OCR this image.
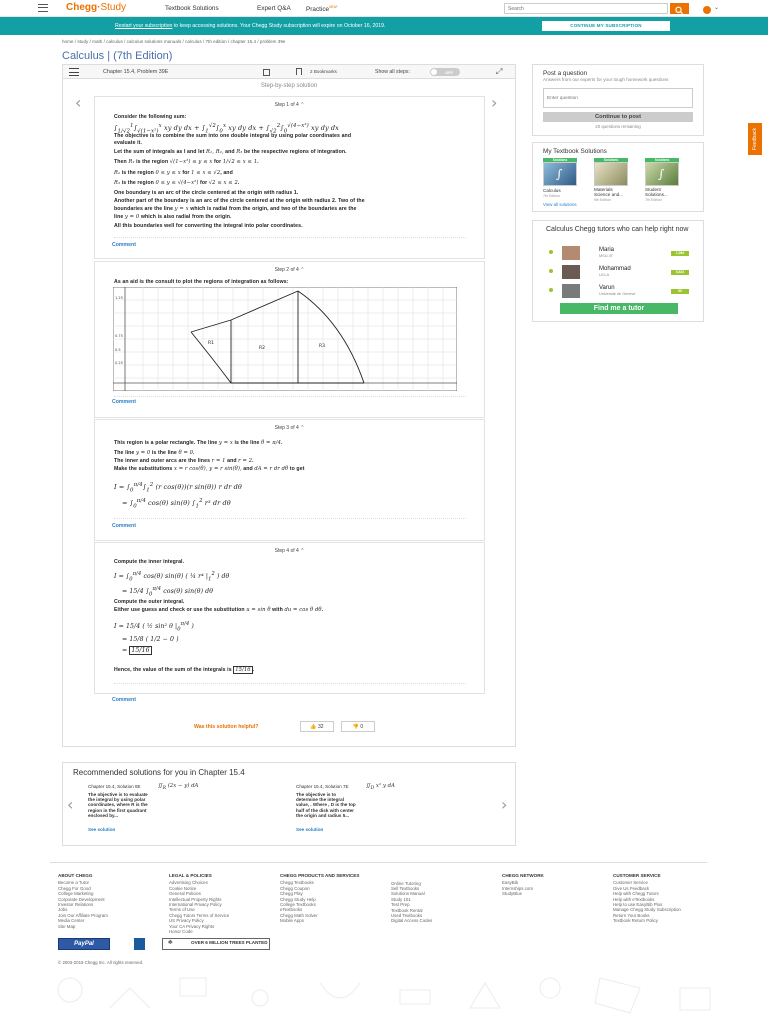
Chegg·Study	Textbook Solutions	Expert Q&A Practice$^{NEW!}$
Search	⌄
Restart your subscription to keep accessing solutions. Your Chegg Study subscription will expire on October 16, 2019.	CONTINUE MY SUBSCRIPTION
home / study / math / calculus / calculus solutions manuals / calculus / 7th edition / chapter 15.4 / problem 39e
Calculus | (7th Edition)
Chapter 15.4, Problem 39E	2 Bookmarks	Show all steps:	OFF	⤢
Step-by-step solution
‹	›
Step 1 of 4 ⌃
Consider the following sum:
$\int_{1/√2}^1\int_{√(1-x^2)}^x$ xy dy dx + $\int_1^{√2}\int_0^x$ xy dy dx + $\int_{√2}^2\int_0^{√(4-x^2)}$ xy dy dx
The objective is to combine the sum into one double integral by using polar coordinates and
evaluate it.
Let the sum of integrals as I and let R₁, R₂, and R₃ be the respective regions of integration.
Then R₁ is the region √(1−x²) ≤ y ≤ x for 1/√2 ≤ x ≤ 1.
R₂ is the region 0 ≤ y ≤ x for 1 ≤ x ≤ √2, and
R₃ is the region 0 ≤ y ≤ √(4−x²) for √2 ≤ x ≤ 2.
One boundary is an arc of the circle centered at the origin with radius 1.
Another part of the boundary is an arc of the circle centered at the origin with radius 2. Two of the
boundaries are the line y = x which is radial from the origin, and two of the boundaries are the
line y = 0 which is also radial from the origin.
All this boundaries well for converting the integral into polar coordinates.
Comment
Step 2 of 4 ⌃
As an aid is the consult to plot the regions of integration as follows:
R1
R2	R3
1.25
0.75
0.5
0.25
Comment
Step 3 of 4 ⌃
This region is a polar rectangle. The line y = x is the line θ = π/4.
The line y = 0 is the line θ = 0.
The inner and outer arcs are the lines r = 1 and r = 2.
Make the substitutions x = r cos(θ), y = r sin(θ), and dA = r dr dθ to get
$I = \int_0^{\pi/4}\int_1^2$ (r cos(θ))(r sin(θ)) r dr dθ
= $\int_0^{\pi/4}$ cos(θ) sin(θ) $\int_1^2$ r³ dr dθ
Comment
Step 4 of 4 ⌃
Compute the inner integral.
$I = \int_0^{\pi/4}$ cos(θ) sin(θ) ( ¼ r⁴ $|_1^2$ ) dθ
= 15/4 $\int_0^{\pi/4}$ cos(θ) sin(θ) dθ
Compute the outer integral.
Either use guess and check or use the substitution u = sin θ with du = cos θ dθ.
I = 15/4 ( ½ sin² θ $|_0^{\pi/4}$ )
= 15/8 ( 1/2 − 0 )
= 15/16
Hence, the value of the sum of the integrals is 15/16 .
Comment
Was this solution helpful?	👍 32	👎 0
Post a question
Answers from our experts for your tough homework questions
Enter question
Continue to post
20 questions remaining
My Textbook Solutions
Solutions
∫
Calculus
7th Edition
Solutions
Materials Science and...
9th Edition
Solutions
∫
Student Solutions...
7th Edition
View all solutions
Calculus Chegg tutors who can help right now
Maria
MSU-IIT
1,064
Mohammad
UCLA
5,824
Varun
Universite de Geneve
50
Find me a tutor
Feedback
Recommended solutions for you in Chapter 15.4
‹	›
Chapter 15.4, Solution 8E	$∬_R$ (2x − y) dA
The objective is to evaluate the integral by using polar coordinates, where R is the region in the first quadrant enclosed by...
See solution
Chapter 15.4, Solution 7E	$∬_D$ x² y dA
The objective is to determine the integral value, . Where , D is the top half of the disk with center the origin and radius 5...
See solution
ABOUT CHEGG
Become a Tutor
Chegg For Good
College Marketing
Corporate Development
Investor Relations
Jobs
Join Our Affiliate Program
Media Center
Site Map
LEGAL & POLICIES
Advertising Choices
Cookie Notice
General Policies
Intellectual Property Rights
International Privacy Policy
Terms of Use
Chegg Tutors Terms of Service
US Privacy Policy
Your CA Privacy Rights
Honor Code
CHEGG PRODUCTS AND SERVICES
Chegg Textbooks
Chegg Coupon
Chegg Play
Chegg Study Help
College Textbooks
eTextbooks
Chegg Math Solver
Mobile Apps
Online Tutoring
Sell Textbooks
Solutions Manual
Study 101
Test Prep
Textbook Rental
Used Textbooks
Digital Access Codes
CHEGG NETWORK
EasyBib
Internships.com
StudyBlue
CUSTOMER SERVICE
Customer Service
Give Us Feedback
Help with Chegg Tutors
Help with eTextbooks
Help to use EasyBib Plus
Manage Chegg Study Subscription
Return Your Books
Textbook Return Policy
PayPal	♣	OVER 6 MILLION TREES PLANTED
© 2003-2019 Chegg Inc. All rights reserved.
